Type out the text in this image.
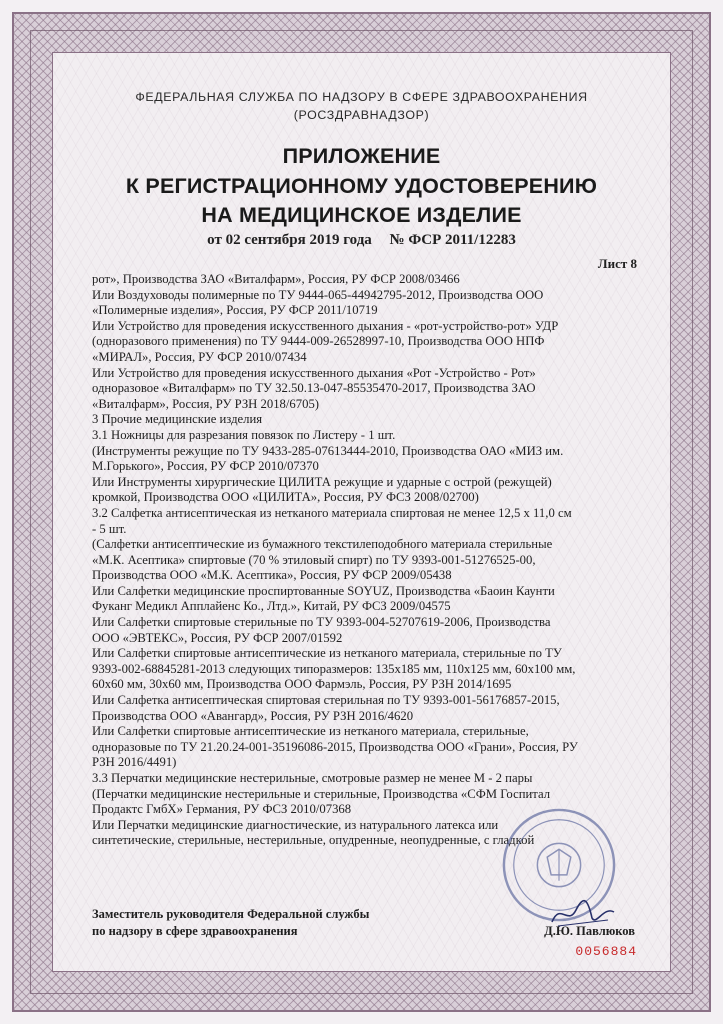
ФЕДЕРАЛЬНАЯ СЛУЖБА ПО НАДЗОРУ В СФЕРЕ ЗДРАВООХРАНЕНИЯ
(РОСЗДРАВНАДЗОР)
ПРИЛОЖЕНИЕ
К РЕГИСТРАЦИОННОМУ УДОСТОВЕРЕНИЮ
НА МЕДИЦИНСКОЕ ИЗДЕЛИЕ
от 02 сентября 2019 года № ФСР 2011/12283
Лист 8
рот», Производства ЗАО «Виталфарм», Россия, РУ ФСР 2008/03466
Или Воздуховоды полимерные по ТУ 9444-065-44942795-2012, Производства ООО
«Полимерные изделия», Россия, РУ ФСР 2011/10719
Или Устройство для проведения искусственного дыхания - «рот-устройство-рот» УДР
(одноразового применения) по ТУ 9444-009-26528997-10, Производства ООО НПФ
«МИРАЛ», Россия, РУ ФСР 2010/07434
Или Устройство для проведения искусственного дыхания «Рот -Устройство - Рот»
одноразовое «Виталфарм» по ТУ 32.50.13-047-85535470-2017, Производства ЗАО
«Виталфарм», Россия, РУ РЗН 2018/6705)
3 Прочие медицинские изделия
3.1 Ножницы для разрезания повязок по Листеру - 1 шт.
(Инструменты режущие по ТУ 9433-285-07613444-2010, Производства ОАО «МИЗ им.
М.Горького», Россия, РУ ФСР 2010/07370
Или Инструменты хирургические ЦИЛИТА режущие и ударные с острой (режущей)
кромкой, Производства ООО «ЦИЛИТА», Россия, РУ ФСЗ 2008/02700)
3.2 Салфетка антисептическая из нетканого материала спиртовая не менее 12,5 х 11,0 см
- 5 шт.
(Салфетки антисептические из бумажного текстилеподобного материала стерильные
«М.К. Асептика» спиртовые (70 % этиловый спирт) по ТУ 9393-001-51276525-00,
Производства ООО «М.К. Асептика», Россия, РУ ФСР 2009/05438
Или Салфетки медицинские проспиртованные SOYUZ, Производства «Баоин Каунти
Фуканг Медикл Апплайенс Ко., Лтд.», Китай, РУ ФСЗ 2009/04575
Или Салфетки спиртовые стерильные по ТУ 9393-004-52707619-2006, Производства
ООО «ЭВТЕКС», Россия, РУ ФСР 2007/01592
Или Салфетки спиртовые антисептические из нетканого материала, стерильные по ТУ
9393-002-68845281-2013 следующих типоразмеров: 135х185 мм, 110х125 мм, 60х100 мм,
60х60 мм, 30х60 мм, Производства ООО Фармэль, Россия, РУ РЗН 2014/1695
Или Салфетка антисептическая спиртовая стерильная по ТУ 9393-001-56176857-2015,
Производства ООО «Авангард», Россия, РУ РЗН 2016/4620
Или Салфетки спиртовые антисептические из нетканого материала, стерильные,
одноразовые по ТУ 21.20.24-001-35196086-2015, Производства ООО «Грани», Россия, РУ
РЗН 2016/4491)
3.3 Перчатки медицинские нестерильные, смотровые размер не менее М - 2 пары
(Перчатки медицинские нестерильные и стерильные, Производства «СФМ Госпитал
Продактс ГмбХ» Германия, РУ ФСЗ 2010/07368
Или Перчатки медицинские диагностические, из натурального латекса или
синтетические, стерильные, нестерильные, опудренные, неопудренные, с гладкой
Заместитель руководителя Федеральной службы
по надзору в сфере здравоохранения	Д.Ю. Павлюков
0056884
